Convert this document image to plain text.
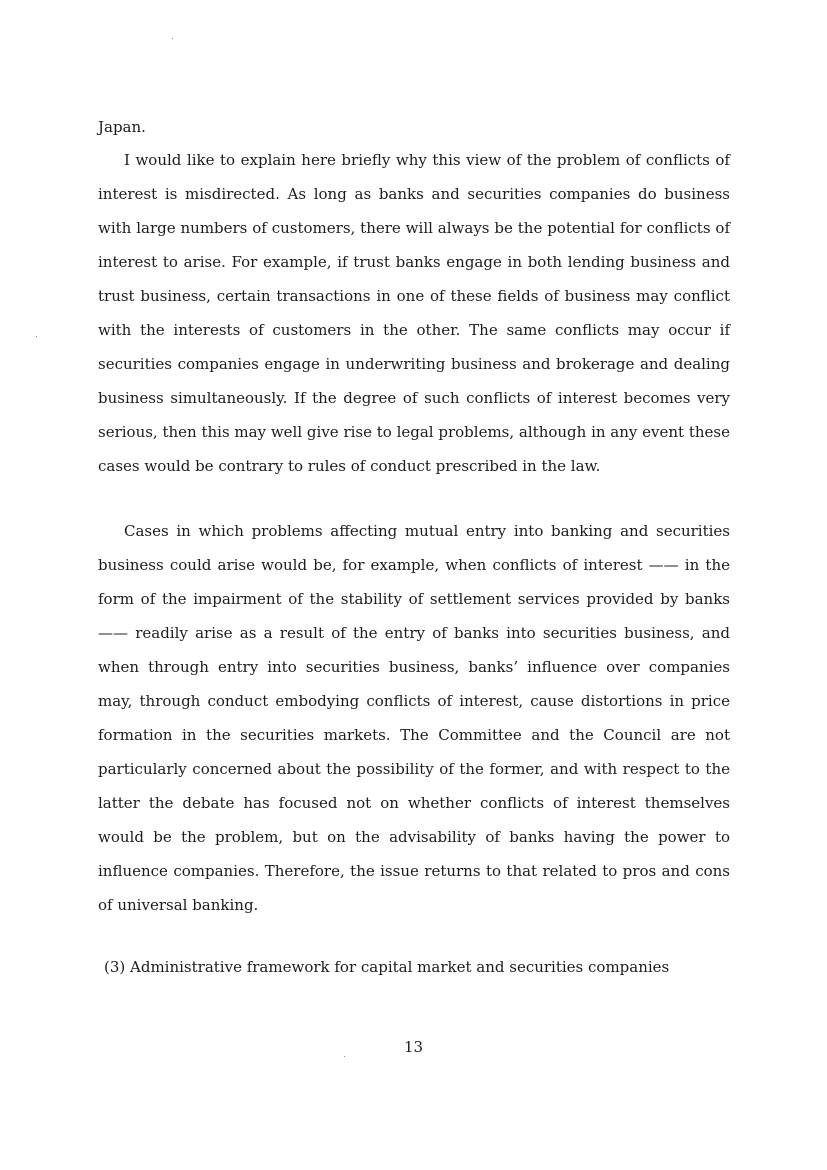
Japan.

I would like to explain here briefly why this view of the problem of conflicts of interest is misdirected. As long as banks and securities companies do business with large numbers of customers, there will always be the potential for conflicts of interest to arise. For example, if trust banks engage in both lending business and trust business, certain transactions in one of these fields of business may conflict with the interests of customers in the other. The same conflicts may occur if securities companies engage in underwriting business and brokerage and dealing business simultaneously. If the degree of such conflicts of interest becomes very serious, then this may well give rise to legal problems, although in any event these cases would be contrary to rules of conduct prescribed in the law.

Cases in which problems affecting mutual entry into banking and securities business could arise would be, for example, when conflicts of interest —— in the form of the impairment of the stability of settlement services provided by banks —— readily arise as a result of the entry of banks into securities business, and when through entry into securities business, banks’ influence over companies may, through conduct embodying conflicts of interest, cause distortions in price formation in the securities markets. The Committee and the Council are not particularly concerned about the possibility of the former, and with respect to the latter the debate has focused not on whether conflicts of interest themselves would be the problem, but on the advisability of banks having the power to influence companies. Therefore, the issue returns to that related to pros and cons of universal banking.

(3) Administrative framework for capital market and securities companies

13
